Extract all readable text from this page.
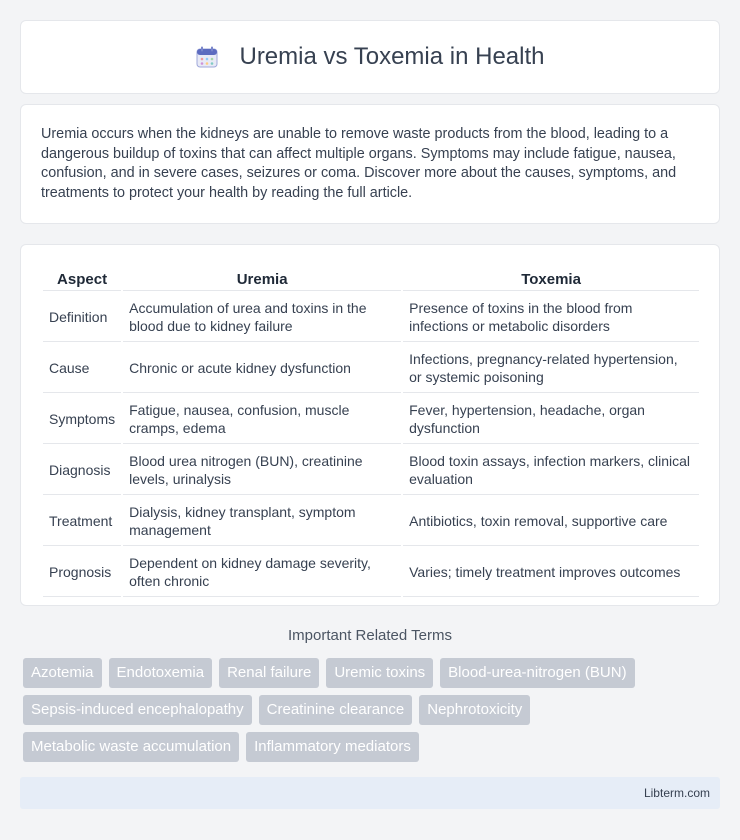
Uremia vs Toxemia in Health

Uremia occurs when the kidneys are unable to remove waste products from the blood, leading to a dangerous buildup of toxins that can affect multiple organs. Symptoms may include fatigue, nausea, confusion, and in severe cases, seizures or coma. Discover more about the causes, symptoms, and treatments to protect your health by reading the full article.

Aspect	Uremia	Toxemia
Definition	Accumulation of urea and toxins in the blood due to kidney failure	Presence of toxins in the blood from infections or metabolic disorders
Cause	Chronic or acute kidney dysfunction	Infections, pregnancy-related hypertension, or systemic poisoning
Symptoms	Fatigue, nausea, confusion, muscle cramps, edema	Fever, hypertension, headache, organ dysfunction
Diagnosis	Blood urea nitrogen (BUN), creatinine levels, urinalysis	Blood toxin assays, infection markers, clinical evaluation
Treatment	Dialysis, kidney transplant, symptom management	Antibiotics, toxin removal, supportive care
Prognosis	Dependent on kidney damage severity, often chronic	Varies; timely treatment improves outcomes
Important Related Terms
Azotemia	Endotoxemia	Renal failure	Uremic toxins	Blood-urea-nitrogen (BUN)
Sepsis-induced encephalopathy	Creatinine clearance	Nephrotoxicity
Metabolic waste accumulation	Inflammatory mediators
Libterm.com
